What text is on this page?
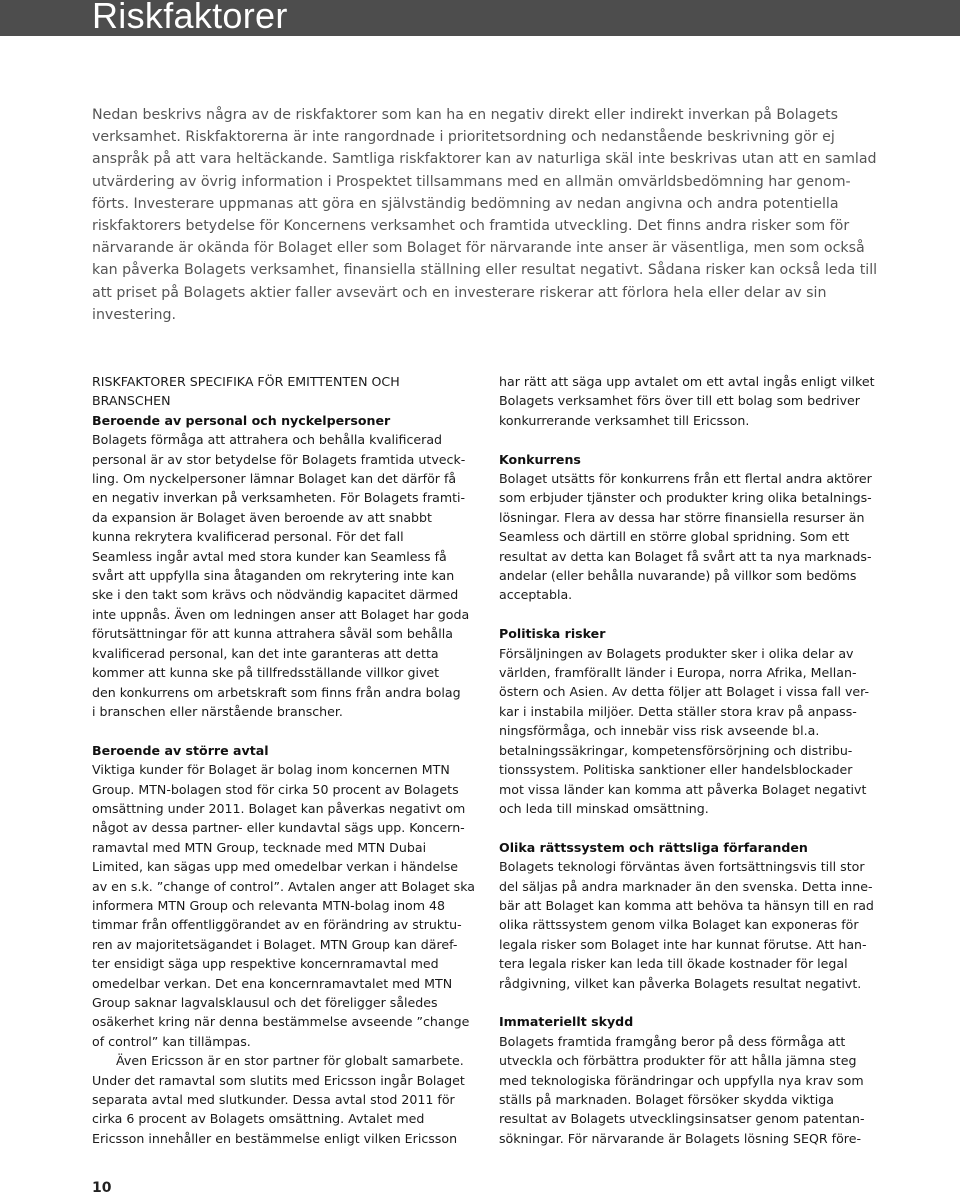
Riskfaktorer
Nedan beskrivs några av de riskfaktorer som kan ha en negativ direkt eller indirekt inverkan på Bolagets
verksamhet. Riskfaktorerna är inte rangordnade i prioritetsordning och nedanstående beskrivning gör ej
anspråk på att vara heltäckande. Samtliga riskfaktorer kan av naturliga skäl inte beskrivas utan att en samlad
utvärdering av övrig information i Prospektet tillsammans med en allmän omvärldsbedömning har genom-
förts. Investerare uppmanas att göra en självständig bedömning av nedan angivna och andra potentiella
riskfaktorers betydelse för Koncernens verksamhet och framtida utveckling. Det finns andra risker som för
närvarande är okända för Bolaget eller som Bolaget för närvarande inte anser är väsentliga, men som också
kan påverka Bolagets verksamhet, finansiella ställning eller resultat negativt. Sådana risker kan också leda till
att priset på Bolagets aktier faller avsevärt och en investerare riskerar att förlora hela eller delar av sin
investering.
RISKFAKTORER SPECIFIKA FÖR EMITTENTEN OCH
BRANSCHEN
Beroende av personal och nyckelpersoner
Bolagets förmåga att attrahera och behålla kvalificerad
personal är av stor betydelse för Bolagets framtida utveck-
ling. Om nyckelpersoner lämnar Bolaget kan det därför få
en negativ inverkan på verksamheten. För Bolagets framti-
da expansion är Bolaget även beroende av att snabbt
kunna rekrytera kvalificerad personal. För det fall
Seamless ingår avtal med stora kunder kan Seamless få
svårt att uppfylla sina åtaganden om rekrytering inte kan
ske i den takt som krävs och nödvändig kapacitet därmed
inte uppnås. Även om ledningen anser att Bolaget har goda
förutsättningar för att kunna attrahera såväl som behålla
kvalificerad personal, kan det inte garanteras att detta
kommer att kunna ske på tillfredsställande villkor givet
den konkurrens om arbetskraft som finns från andra bolag
i branschen eller närstående branscher.
Beroende av större avtal
Viktiga kunder för Bolaget är bolag inom koncernen MTN
Group. MTN-bolagen stod för cirka 50 procent av Bolagets
omsättning under 2011. Bolaget kan påverkas negativt om
något av dessa partner- eller kundavtal sägs upp. Koncern-
ramavtal med MTN Group, tecknade med MTN Dubai
Limited, kan sägas upp med omedelbar verkan i händelse
av en s.k. ”change of control”. Avtalen anger att Bolaget ska
informera MTN Group och relevanta MTN-bolag inom 48
timmar från offentliggörandet av en förändring av struktu-
ren av majoritetsägandet i Bolaget. MTN Group kan däref-
ter ensidigt säga upp respektive koncernramavtal med
omedelbar verkan. Det ena koncernramavtalet med MTN
Group saknar lagvalsklausul och det föreligger således
osäkerhet kring när denna bestämmelse avseende ”change
of control” kan tillämpas.
Även Ericsson är en stor partner för globalt samarbete.
Under det ramavtal som slutits med Ericsson ingår Bolaget
separata avtal med slutkunder. Dessa avtal stod 2011 för
cirka 6 procent av Bolagets omsättning. Avtalet med
Ericsson innehåller en bestämmelse enligt vilken Ericsson
har rätt att säga upp avtalet om ett avtal ingås enligt vilket
Bolagets verksamhet förs över till ett bolag som bedriver
konkurrerande verksamhet till Ericsson.
Konkurrens
Bolaget utsätts för konkurrens från ett flertal andra aktörer
som erbjuder tjänster och produkter kring olika betalnings-
lösningar. Flera av dessa har större finansiella resurser än
Seamless och därtill en större global spridning. Som ett
resultat av detta kan Bolaget få svårt att ta nya marknads-
andelar (eller behålla nuvarande) på villkor som bedöms
acceptabla.
Politiska risker
Försäljningen av Bolagets produkter sker i olika delar av
världen, framförallt länder i Europa, norra Afrika, Mellan-
östern och Asien. Av detta följer att Bolaget i vissa fall ver-
kar i instabila miljöer. Detta ställer stora krav på anpass-
ningsförmåga, och innebär viss risk avseende bl.a.
betalningssäkringar, kompetensförsörjning och distribu-
tionssystem. Politiska sanktioner eller handelsblockader
mot vissa länder kan komma att påverka Bolaget negativt
och leda till minskad omsättning.
Olika rättssystem och rättsliga förfaranden
Bolagets teknologi förväntas även fortsättningsvis till stor
del säljas på andra marknader än den svenska. Detta inne-
bär att Bolaget kan komma att behöva ta hänsyn till en rad
olika rättssystem genom vilka Bolaget kan exponeras för
legala risker som Bolaget inte har kunnat förutse. Att han-
tera legala risker kan leda till ökade kostnader för legal
rådgivning, vilket kan påverka Bolagets resultat negativt.
Immateriellt skydd
Bolagets framtida framgång beror på dess förmåga att
utveckla och förbättra produkter för att hålla jämna steg
med teknologiska förändringar och uppfylla nya krav som
ställs på marknaden. Bolaget försöker skydda viktiga
resultat av Bolagets utvecklingsinsatser genom patentan-
sökningar. För närvarande är Bolagets lösning SEQR före-
10
